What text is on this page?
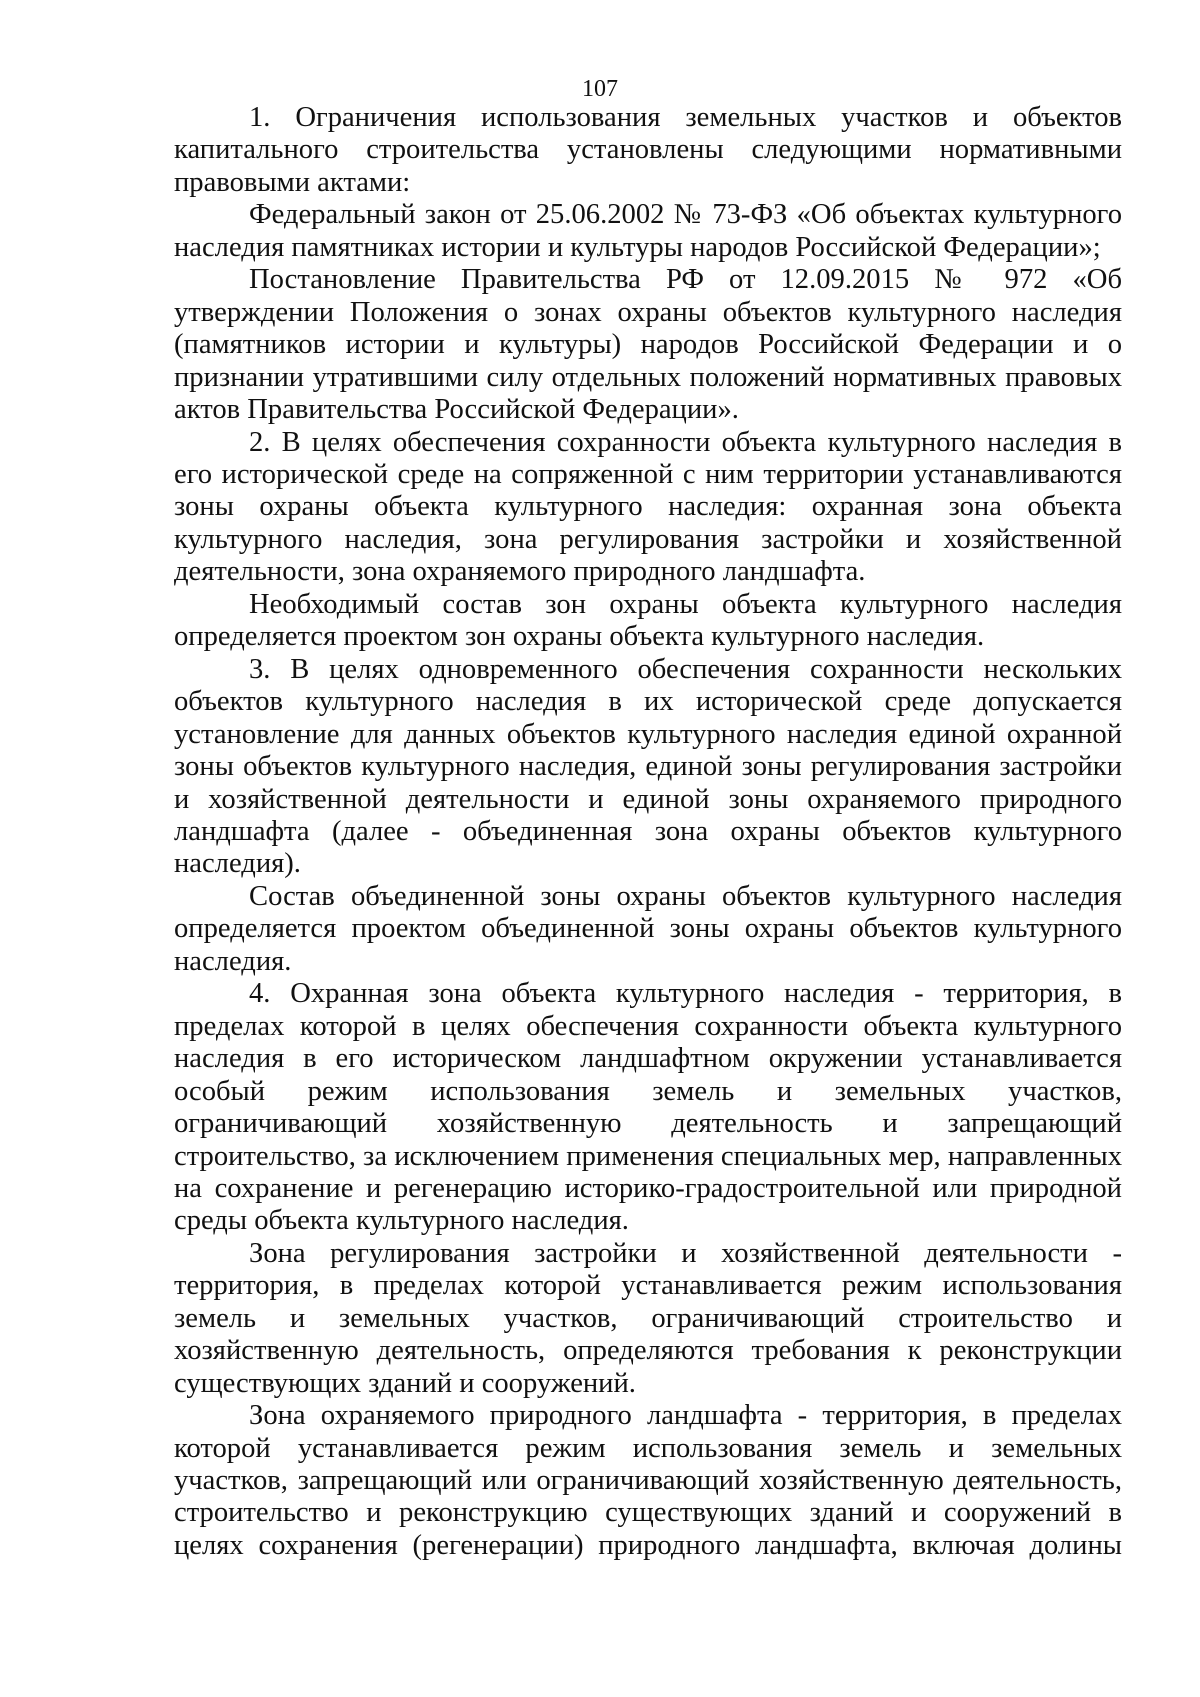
107

1. Ограничения использования земельных участков и объектов капитального строительства установлены следующими нормативными правовыми актами:

Федеральный закон от 25.06.2002 № 73-ФЗ «Об объектах культурного наследия памятниках истории и культуры народов Российской Федерации»;

Постановление Правительства РФ от 12.09.2015 № 972 «Об утверждении Положения о зонах охраны объектов культурного наследия (памятников истории и культуры) народов Российской Федерации и о признании утратившими силу отдельных положений нормативных правовых актов Правительства Российской Федерации».

2. В целях обеспечения сохранности объекта культурного наследия в его исторической среде на сопряженной с ним территории устанавливаются зоны охраны объекта культурного наследия: охранная зона объекта культурного наследия, зона регулирования застройки и хозяйственной деятельности, зона охраняемого природного ландшафта.

Необходимый состав зон охраны объекта культурного наследия определяется проектом зон охраны объекта культурного наследия.

3. В целях одновременного обеспечения сохранности нескольких объектов культурного наследия в их исторической среде допускается установление для данных объектов культурного наследия единой охранной зоны объектов культурного наследия, единой зоны регулирования застройки и хозяйственной деятельности и единой зоны охраняемого природного ландшафта (далее - объединенная зона охраны объектов культурного наследия).

Состав объединенной зоны охраны объектов культурного наследия определяется проектом объединенной зоны охраны объектов культурного наследия.

4. Охранная зона объекта культурного наследия - территория, в пределах которой в целях обеспечения сохранности объекта культурного наследия в его историческом ландшафтном окружении устанавливается особый режим использования земель и земельных участков, ограничивающий хозяйственную деятельность и запрещающий строительство, за исключением применения специальных мер, направленных на сохранение и регенерацию историко-градостроительной или природной среды объекта культурного наследия.

Зона регулирования застройки и хозяйственной деятельности - территория, в пределах которой устанавливается режим использования земель и земельных участков, ограничивающий строительство и хозяйственную деятельность, определяются требования к реконструкции существующих зданий и сооружений.

Зона охраняемого природного ландшафта - территория, в пределах которой устанавливается режим использования земель и земельных участков, запрещающий или ограничивающий хозяйственную деятельность, строительство и реконструкцию существующих зданий и сооружений в целях сохранения (регенерации) природного ландшафта, включая долины
